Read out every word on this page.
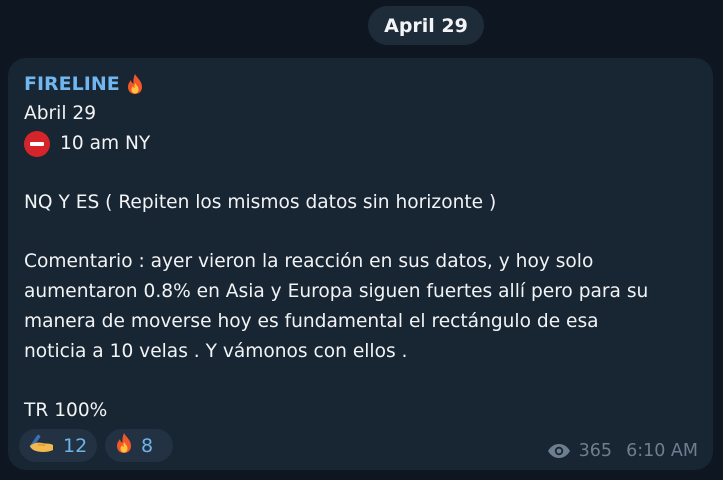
April 29
FIRELINE
Abril 29
10 am NY
NQ Y ES ( Repiten los mismos datos sin horizonte )
Comentario : ayer vieron la reacción en sus datos, y hoy solo
aumentaron 0.8% en Asia y Europa siguen fuertes allí pero para su
manera de moverse hoy es fundamental el rectángulo de esa
noticia a 10 velas . Y vámonos con ellos .
TR 100%
12	8	365 6:10 AM
